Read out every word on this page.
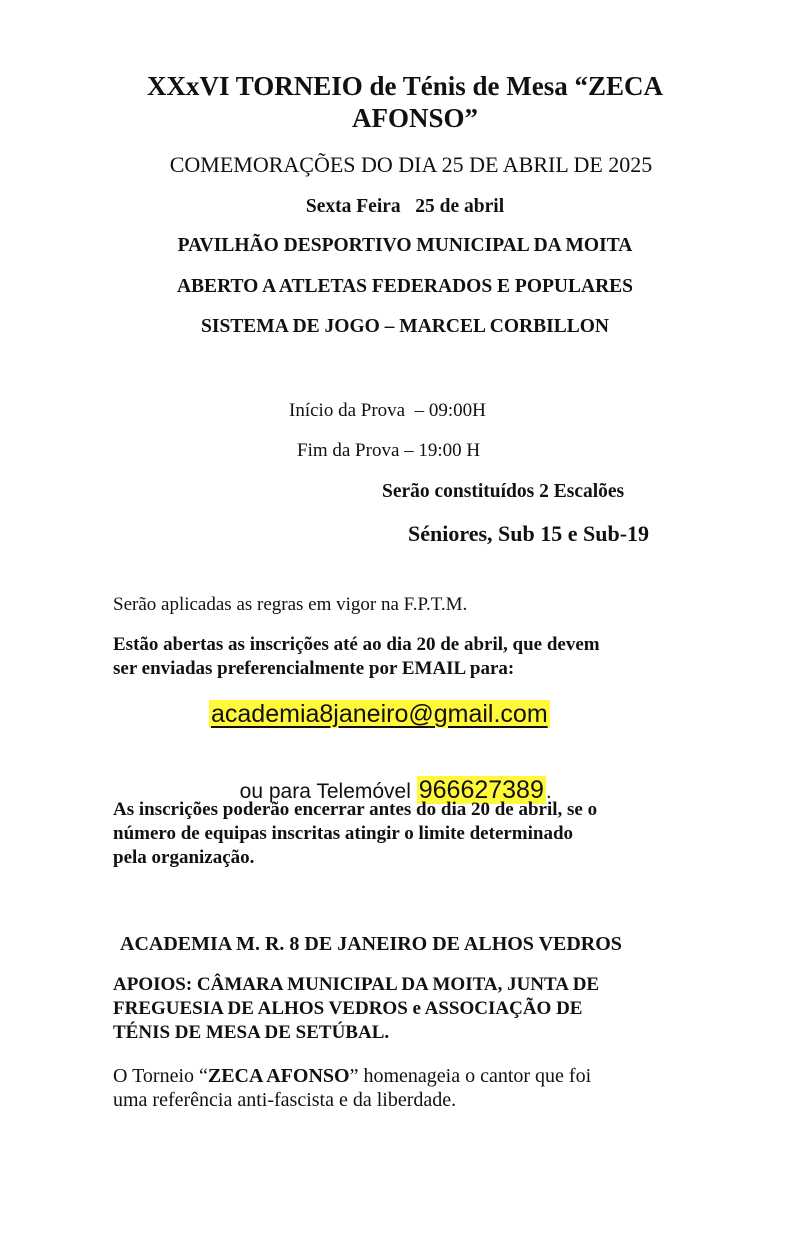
XXxVI TORNEIO de Ténis de Mesa “ZECA
AFONSO”
COMEMORAÇÕES DO DIA 25 DE ABRIL DE 2025
Sexta Feira   25 de abril
PAVILHÃO DESPORTIVO MUNICIPAL DA MOITA
ABERTO A ATLETAS FEDERADOS E POPULARES
SISTEMA DE JOGO – MARCEL CORBILLON
Início da Prova  – 09:00H
Fim da Prova – 19:00 H
Serão constituídos 2 Escalões
Séniores, Sub 15 e Sub-19
Serão aplicadas as regras em vigor na F.P.T.M.
Estão abertas as inscrições até ao dia 20 de abril, que devem
ser enviadas preferencialmente por EMAIL para:
academia8janeiro@gmail.com

ou para Telemóvel 966627389.

As inscrições poderão encerrar antes do dia 20 de abril, se o
número de equipas inscritas atingir o limite determinado
pela organização.
ACADEMIA M. R. 8 DE JANEIRO DE ALHOS VEDROS
APOIOS: CÂMARA MUNICIPAL DA MOITA, JUNTA DE
FREGUESIA DE ALHOS VEDROS e ASSOCIAÇÃO DE
TÉNIS DE MESA DE SETÚBAL.
O Torneio “ZECA AFONSO” homenageia o cantor que foi
uma referência anti-fascista e da liberdade.
